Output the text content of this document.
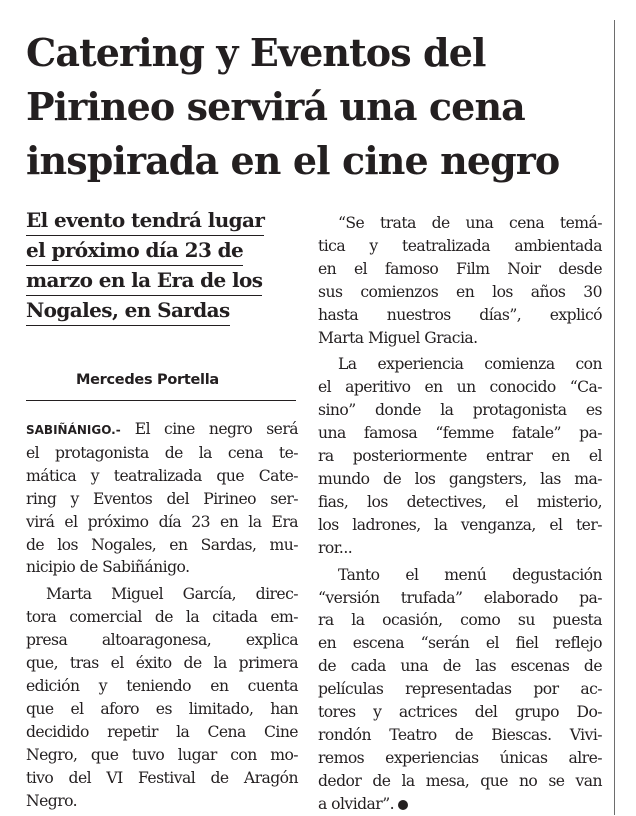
Catering y Eventos del
Pirineo servirá una cena
inspirada en el cine negro
El evento tendrá lugar
el próximo día 23 de
marzo en la Era de los
Nogales, en Sardas
Mercedes Portella
SABIÑÁNIGO.- El cine negro será
el protagonista de la cena te-
mática y teatralizada que Cate-
ring y Eventos del Pirineo ser-
virá el próximo día 23 en la Era
de los Nogales, en Sardas, mu-
nicipio de Sabiñánigo.
Marta Miguel García, direc-
tora comercial de la citada em-
presa altoaragonesa, explica
que, tras el éxito de la primera
edición y teniendo en cuenta
que el aforo es limitado, han
decidido repetir la Cena Cine
Negro, que tuvo lugar con mo-
tivo del VI Festival de Aragón
Negro.
“Se trata de una cena temá-
tica y teatralizada ambientada
en el famoso Film Noir desde
sus comienzos en los años 30
hasta nuestros días”, explicó
Marta Miguel Gracia.
La experiencia comienza con
el aperitivo en un conocido “Ca-
sino” donde la protagonista es
una famosa “femme fatale” pa-
ra posteriormente entrar en el
mundo de los gangsters, las ma-
fias, los detectives, el misterio,
los ladrones, la venganza, el ter-
ror...
Tanto el menú degustación
“versión trufada” elaborado pa-
ra la ocasión, como su puesta
en escena “serán el fiel reflejo
de cada una de las escenas de
películas representadas por ac-
tores y actrices del grupo Do-
rondón Teatro de Biescas. Vivi-
remos experiencias únicas alre-
dedor de la mesa, que no se van
a olvidar”.
